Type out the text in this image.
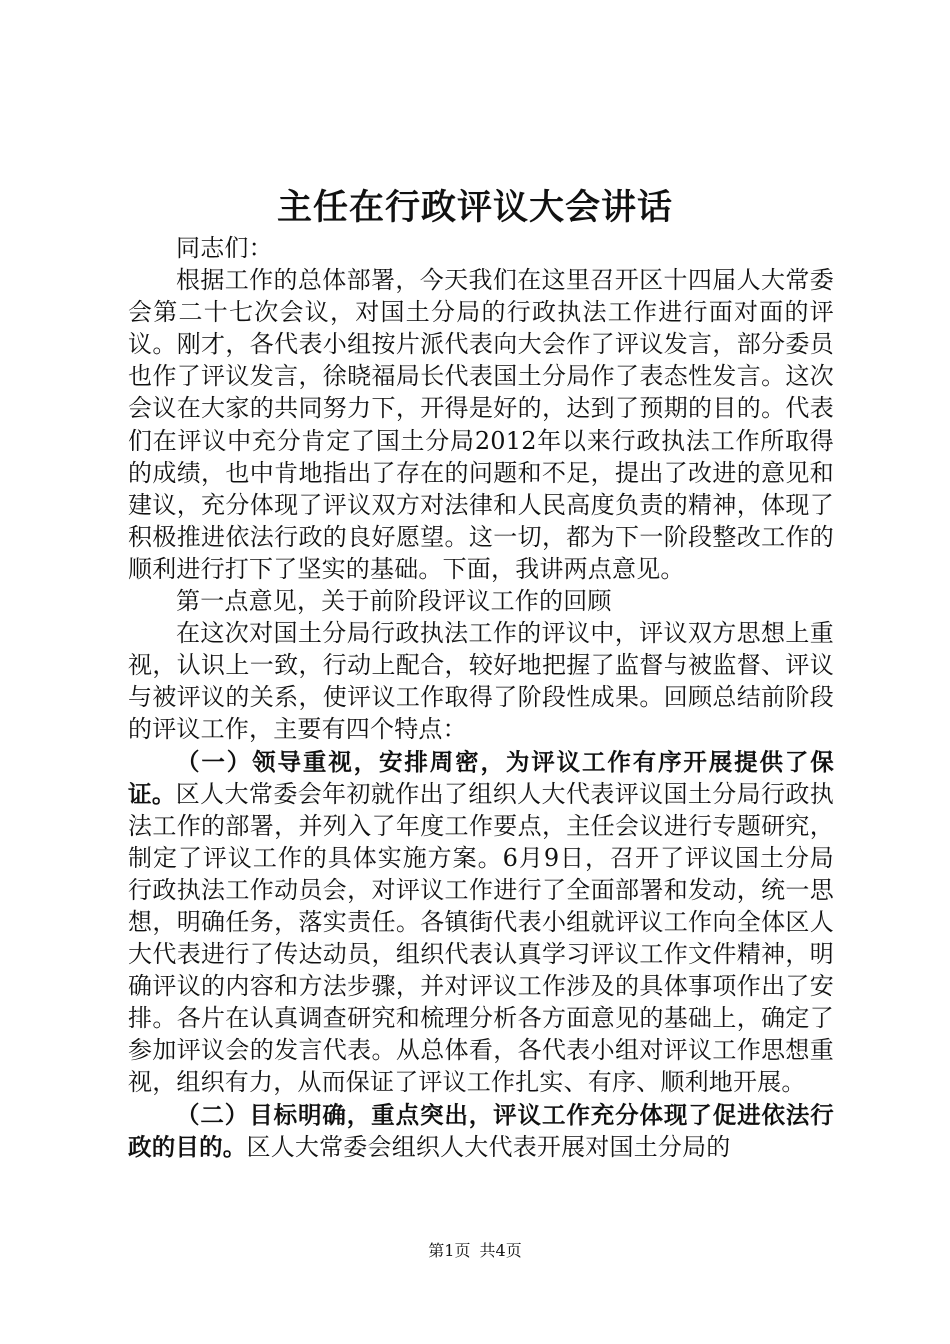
主任在行政评议大会讲话

同志们：

根据工作的总体部署，今天我们在这里召开区十四届人大常委会第二十七次会议，对国土分局的行政执法工作进行面对面的评议。刚才，各代表小组按片派代表向大会作了评议发言，部分委员也作了评议发言，徐晓福局长代表国土分局作了表态性发言。这次会议在大家的共同努力下，开得是好的，达到了预期的目的。代表们在评议中充分肯定了国土分局2012年以来行政执法工作所取得的成绩，也中肯地指出了存在的问题和不足，提出了改进的意见和建议，充分体现了评议双方对法律和人民高度负责的精神，体现了积极推进依法行政的良好愿望。这一切，都为下一阶段整改工作的顺利进行打下了坚实的基础。下面，我讲两点意见。

第一点意见，关于前阶段评议工作的回顾

在这次对国土分局行政执法工作的评议中，评议双方思想上重视，认识上一致，行动上配合，较好地把握了监督与被监督、评议与被评议的关系，使评议工作取得了阶段性成果。回顾总结前阶段的评议工作，主要有四个特点：

（一）领导重视，安排周密，为评议工作有序开展提供了保证。区人大常委会年初就作出了组织人大代表评议国土分局行政执法工作的部署，并列入了年度工作要点，主任会议进行专题研究，制定了评议工作的具体实施方案。6月9日，召开了评议国土分局行政执法工作动员会，对评议工作进行了全面部署和发动，统一思想，明确任务，落实责任。各镇街代表小组就评议工作向全体区人大代表进行了传达动员，组织代表认真学习评议工作文件精神，明确评议的内容和方法步骤，并对评议工作涉及的具体事项作出了安排。各片在认真调查研究和梳理分析各方面意见的基础上，确定了参加评议会的发言代表。从总体看，各代表小组对评议工作思想重视，组织有力，从而保证了评议工作扎实、有序、顺利地开展。

（二）目标明确，重点突出，评议工作充分体现了促进依法行政的目的。区人大常委会组织人大代表开展对国土分局的

第1页 共4页
